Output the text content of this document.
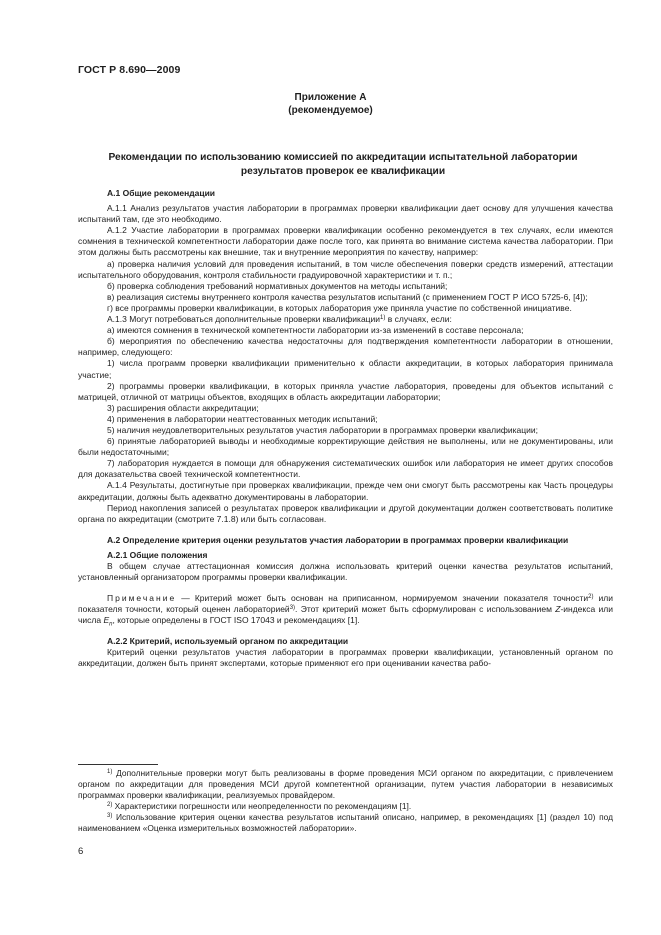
ГОСТ Р 8.690—2009
Приложение А
(рекомендуемое)
Рекомендации по использованию комиссией по аккредитации испытательной лаборатории результатов проверок ее квалификации

А.1 Общие рекомендации

А.1.1 Анализ результатов участия лаборатории в программах проверки квалификации дает основу для улучшения качества испытаний там, где это необходимо.

А.1.2 Участие лаборатории в программах проверки квалификации особенно рекомендуется в тех случаях, если имеются сомнения в технической компетентности лаборатории даже после того, как принята во внимание система качества лаборатории. При этом должны быть рассмотрены как внешние, так и внутренние мероприятия по качеству, например:

а) проверка наличия условий для проведения испытаний, в том числе обеспечения поверки средств измерений, аттестации испытательного оборудования, контроля стабильности градуировочной характеристики и т. п.;

б) проверка соблюдения требований нормативных документов на методы испытаний;

в) реализация системы внутреннего контроля качества результатов испытаний (с применением ГОСТ Р ИСО 5725-6, [4]);

г) все программы проверки квалификации, в которых лаборатория уже приняла участие по собственной инициативе.

А.1.3 Могут потребоваться дополнительные проверки квалификации$^{1)}$ в случаях, если:

а) имеются сомнения в технической компетентности лаборатории из-за изменений в составе персонала;

б) мероприятия по обеспечению качества недостаточны для подтверждения компетентности лаборатории в отношении, например, следующего:

1) числа программ проверки квалификации применительно к области аккредитации, в которых лаборатория принимала участие;

2) программы проверки квалификации, в которых приняла участие лаборатория, проведены для объектов испытаний с матрицей, отличной от матрицы объектов, входящих в область аккредитации лаборатории;

3) расширения области аккредитации;

4) применения в лаборатории неаттестованных методик испытаний;

5) наличия неудовлетворительных результатов участия лаборатории в программах проверки квалификации;

6) принятые лабораторией выводы и необходимые корректирующие действия не выполнены, или не документированы, или были недостаточными;

7) лаборатория нуждается в помощи для обнаружения систематических ошибок или лаборатория не имеет других способов для доказательства своей технической компетентности.

А.1.4 Результаты, достигнутые при проверках квалификации, прежде чем они смогут быть рассмотрены как Часть процедуры аккредитации, должны быть адекватно документированы в лаборатории.

Период накопления записей о результатах проверок квалификации и другой документации должен соответствовать политике органа по аккредитации (смотрите 7.1.8) или быть согласован.

А.2 Определение критерия оценки результатов участия лаборатории в программах проверки квалификации

А.2.1 Общие положения

В общем случае аттестационная комиссия должна использовать критерий оценки качества результатов испытаний, установленный организатором программы проверки квалификации.

Примечание — Критерий может быть основан на приписанном, нормируемом значении показателя точности$^{2)}$ или показателя точности, который оценен лабораторией$^{3)}$. Этот критерий может быть сформулирован с использованием Z-индекса или числа $E_n$, которые определены в ГОСТ ISO 17043 и рекомендациях [1].

А.2.2 Критерий, используемый органом по аккредитации

Критерий оценки результатов участия лаборатории в программах проверки квалификации, установленный органом по аккредитации, должен быть принят экспертами, которые применяют его при оценивании качества рабо-

$^{1)}$ Дополнительные проверки могут быть реализованы в форме проведения МСИ органом по аккредитации, с привлечением органом по аккредитации для проведения МСИ другой компетентной организации, путем участия лаборатории в независимых программах проверки квалификации, реализуемых провайдером.

$^{2)}$ Характеристики погрешности или неопределенности по рекомендациям [1].

$^{3)}$ Использование критерия оценки качества результатов испытаний описано, например, в рекомендациях [1] (раздел 10) под наименованием «Оценка измерительных возможностей лаборатории».

6
